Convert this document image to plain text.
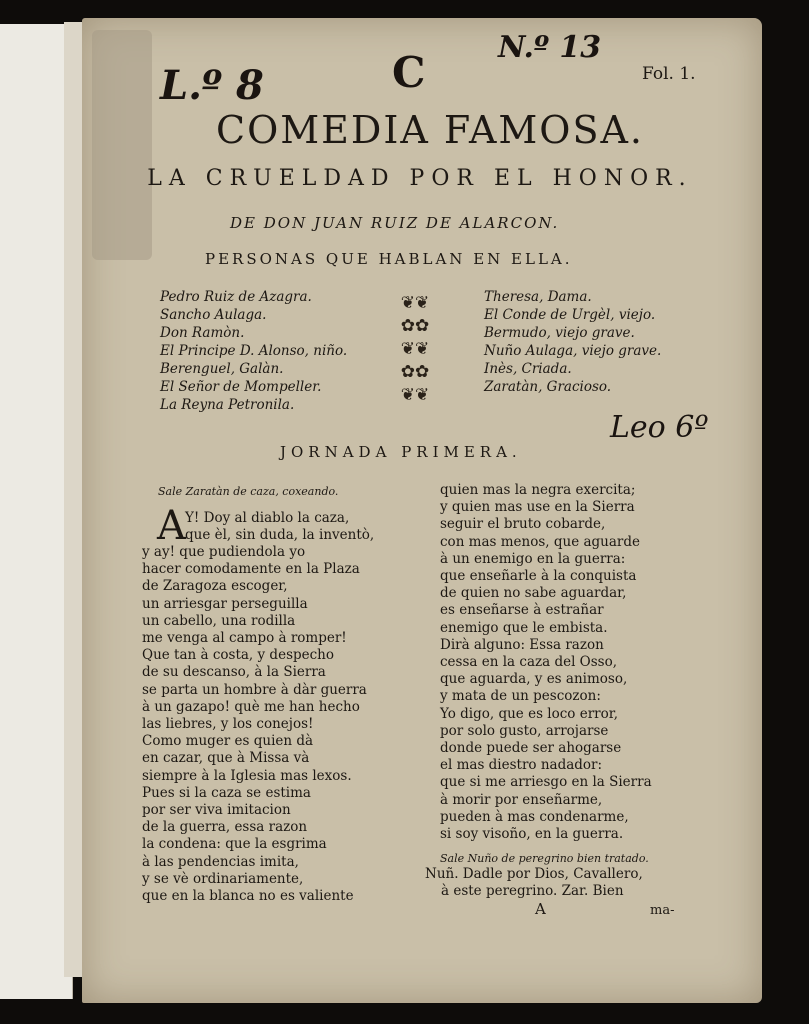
L.º 8	C

N.º 13

Fol. 1.

Leo 6º

COMEDIA FAMOSA.
LA CRUELDAD POR EL HONOR.

DE DON JUAN RUIZ DE ALARCON.

PERSONAS QUE HABLAN EN ELLA.

Pedro Ruiz de Azagra.
Sancho Aulaga.
Don Ramòn.
El Principe D. Alonso, niño.
Berenguel, Galàn.
El Señor de Mompeller.
La Reyna Petronila.
❦❦
✿✿
❦❦
✿✿
❦❦
Theresa, Dama.
El Conde de Urgèl, viejo.
Bermudo, viejo grave.
Nuño Aulaga, viejo grave.
Inès, Criada.
Zaratàn, Gracioso.

JORNADA PRIMERA.

Sale Zaratàn de caza, coxeando.

A Y! Doy al diablo la caza,
que èl, sin duda, la inventò,
y ay! que pudiendola yo
hacer comodamente en la Plaza
de Zaragoza escoger,
un arriesgar perseguilla
un cabello, una rodilla
me venga al campo à romper!
Que tan à costa, y despecho
de su descanso, à la Sierra
se parta un hombre à dàr guerra
à un gazapo! què me han hecho
las liebres, y los conejos!
Como muger es quien dà
en cazar, que à Missa và
siempre à la Iglesia mas lexos.
Pues si la caza se estima
por ser viva imitacion
de la guerra, essa razon
la condena: que la esgrima
à las pendencias imita,
y se vè ordinariamente,
que en la blanca no es valiente
quien mas la negra exercita;
y quien mas use en la Sierra
seguir el bruto cobarde,
con mas menos, que aguarde
à un enemigo en la guerra:
que enseñarle à la conquista
de quien no sabe aguardar,
es enseñarse à estrañar
enemigo que le embista.
Dirà alguno: Essa razon
cessa en la caza del Osso,
que aguarda, y es animoso,
y mata de un pescozon:
Yo digo, que es loco error,
por solo gusto, arrojarse
donde puede ser ahogarse
el mas diestro nadador:
que si me arriesgo en la Sierra
à morir por enseñarme,
pueden à mas condenarme,
si soy visoño, en la guerra.

Sale Nuño de peregrino bien tratado.

Nuñ. Dadle por Dios, Cavallero,
à este peregrino. Zar. Bien

A	ma-
